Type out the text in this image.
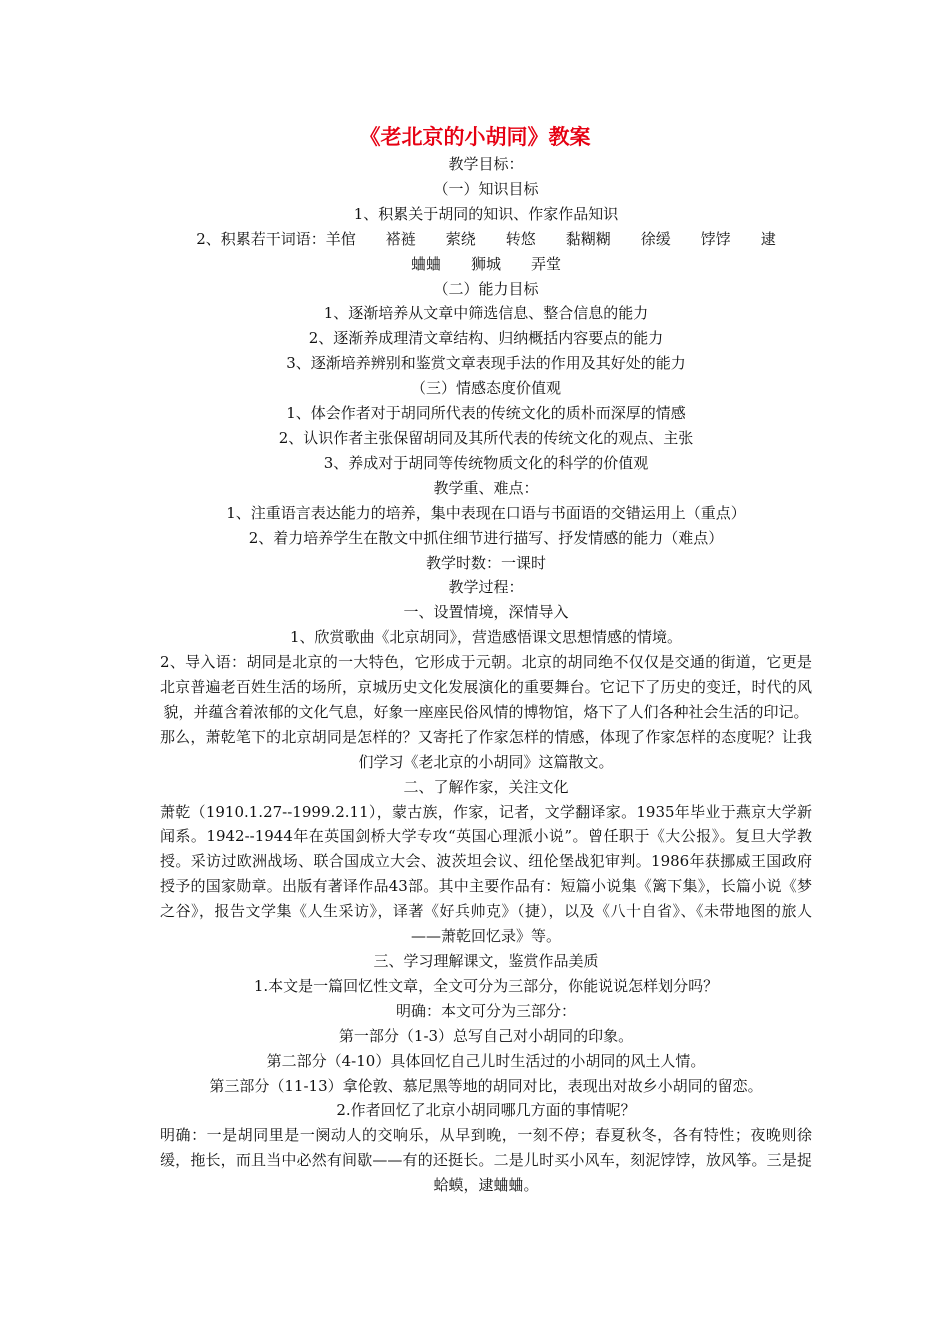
《老北京的小胡同》教案

教学目标：

（一）知识目标

1、积累关于胡同的知识、作家作品知识

2、积累若干词语：羊倌　　褡裢　　萦绕　　转悠　　黏糊糊　　徐缓　　饽饽　　逮

蛐蛐　　狮城　　弄堂

（二）能力目标

1、逐渐培养从文章中筛选信息、整合信息的能力

2、逐渐养成理清文章结构、归纳概括内容要点的能力

3、逐渐培养辨别和鉴赏文章表现手法的作用及其好处的能力

（三）情感态度价值观

1、体会作者对于胡同所代表的传统文化的质朴而深厚的情感

2、认识作者主张保留胡同及其所代表的传统文化的观点、主张

3、养成对于胡同等传统物质文化的科学的价值观

教学重、难点：

1、注重语言表达能力的培养，集中表现在口语与书面语的交错运用上（重点）

2、着力培养学生在散文中抓住细节进行描写、抒发情感的能力（难点）

教学时数：一课时

教学过程：

一、设置情境，深情导入

1、欣赏歌曲《北京胡同》，营造感悟课文思想情感的情境。

2、导入语：胡同是北京的一大特色，它形成于元朝。北京的胡同绝不仅仅是交通的街道，它更是北京普遍老百姓生活的场所，京城历史文化发展演化的重要舞台。它记下了历史的变迁，时代的风貌，并蕴含着浓郁的文化气息，好象一座座民俗风情的博物馆，烙下了人们各种社会生活的印记。

那么，萧乾笔下的北京胡同是怎样的？又寄托了作家怎样的情感，体现了作家怎样的态度呢？让我们学习《老北京的小胡同》这篇散文。

二、了解作家，关注文化

萧乾（1910.1.27--1999.2.11），蒙古族，作家，记者，文学翻译家。1935年毕业于燕京大学新闻系。1942--1944年在英国剑桥大学专攻“英国心理派小说”。曾任职于《大公报》。复旦大学教授。采访过欧洲战场、联合国成立大会、波茨坦会议、纽伦堡战犯审判。1986年获挪威王国政府授予的国家勋章。出版有著译作品43部。其中主要作品有：短篇小说集《篱下集》，长篇小说《梦之谷》，报告文学集《人生采访》，译著《好兵帅克》（捷），以及《八十自省》、《未带地图的旅人——萧乾回忆录》等。

三、学习理解课文，鉴赏作品美质

1.本文是一篇回忆性文章，全文可分为三部分，你能说说怎样划分吗？

明确：本文可分为三部分：

第一部分（1-3）总写自己对小胡同的印象。

第二部分（4-10）具体回忆自己儿时生活过的小胡同的风土人情。

第三部分（11-13）拿伦敦、慕尼黑等地的胡同对比，表现出对故乡小胡同的留恋。

2.作者回忆了北京小胡同哪几方面的事情呢？

明确：一是胡同里是一阕动人的交响乐，从早到晚，一刻不停；春夏秋冬，各有特性；夜晚则徐缓，拖长，而且当中必然有间歇——有的还挺长。二是儿时买小风车，刻泥饽饽，放风筝。三是捉蛤蟆，逮蛐蛐。
